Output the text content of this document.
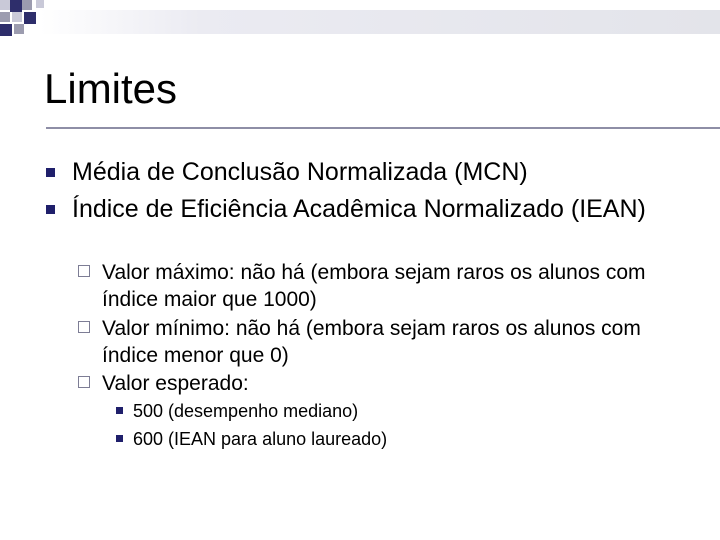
Limites
Média de Conclusão Normalizada (MCN)
Índice de Eficiência Acadêmica Normalizado (IEAN)
Valor máximo: não há (embora sejam raros os alunos com índice maior que 1000)
Valor mínimo: não há (embora sejam raros os alunos com índice menor que 0)
Valor esperado:
500 (desempenho mediano)
600 (IEAN para aluno laureado)
